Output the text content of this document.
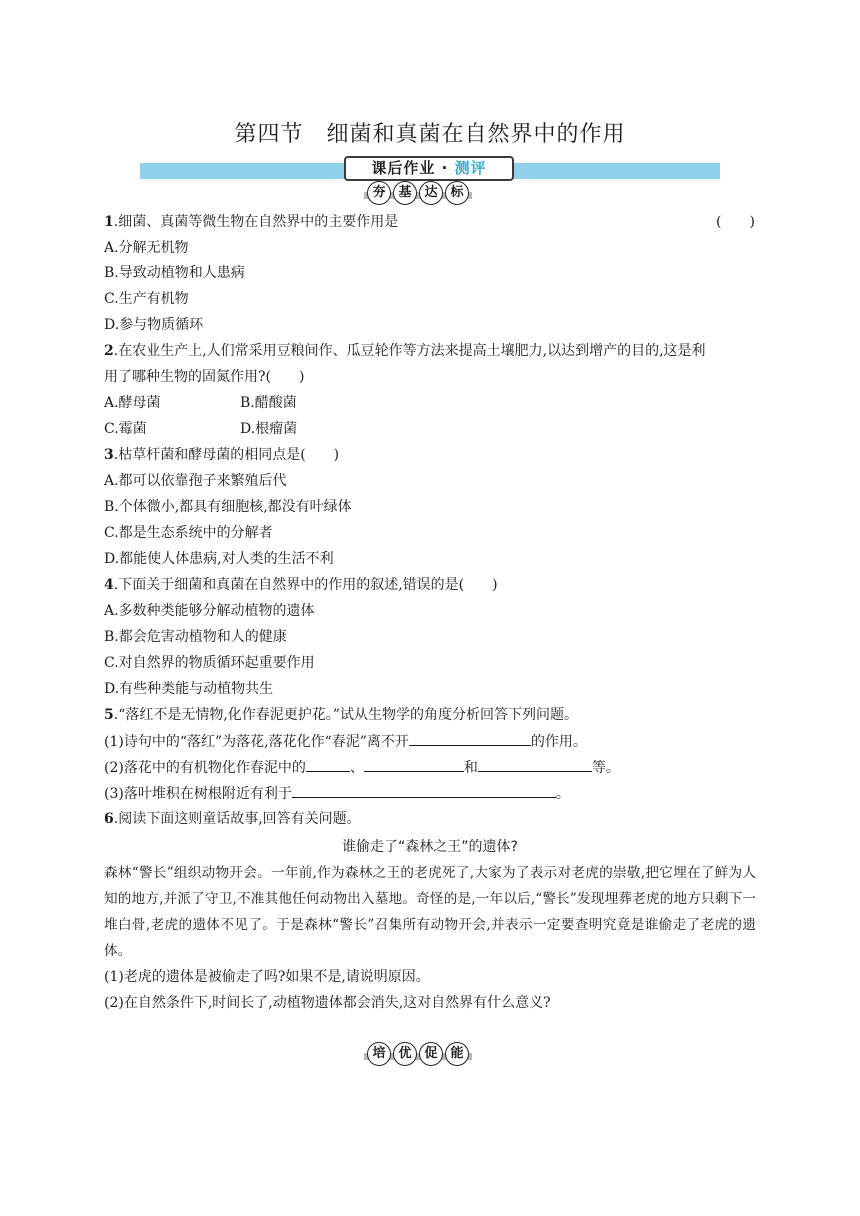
第四节　细菌和真菌在自然界中的作用
课后作业 · 测评
夯 基 达 标
1.细菌、真菌等微生物在自然界中的主要作用是	(　　)
A.分解无机物
B.导致动植物和人患病
C.生产有机物
D.参与物质循环
2.在农业生产上,人们常采用豆粮间作、瓜豆轮作等方法来提高土壤肥力,以达到增产的目的,这是利
用了哪种生物的固氮作用?(　　)
A.酵母菌	B.醋酸菌
C.霉菌	D.根瘤菌
3.枯草杆菌和酵母菌的相同点是(　　)
A.都可以依靠孢子来繁殖后代
B.个体微小,都具有细胞核,都没有叶绿体
C.都是生态系统中的分解者
D.都能使人体患病,对人类的生活不利
4.下面关于细菌和真菌在自然界中的作用的叙述,错误的是(　　)
A.多数种类能够分解动植物的遗体
B.都会危害动植物和人的健康
C.对自然界的物质循环起重要作用
D.有些种类能与动植物共生
5.“落红不是无情物,化作春泥更护花。”试从生物学的角度分析回答下列问题。
(1)诗句中的“落红”为落花,落花化作“春泥”离不开	的作用。
(2)落花中的有机物化作春泥中的	、	和	等。
(3)落叶堆积在树根附近有利于	。
6.阅读下面这则童话故事,回答有关问题。
谁偷走了“森林之王”的遗体?
森林“警长”组织动物开会。一年前,作为森林之王的老虎死了,大家为了表示对老虎的崇敬,把它埋在了鲜为人知的地方,并派了守卫,不准其他任何动物出入墓地。奇怪的是,一年以后,“警长”发现埋葬老虎的地方只剩下一堆白骨,老虎的遗体不见了。于是森林“警长”召集所有动物开会,并表示一定要查明究竟是谁偷走了老虎的遗体。
(1)老虎的遗体是被偷走了吗?如果不是,请说明原因。
(2)在自然条件下,时间长了,动植物遗体都会消失,这对自然界有什么意义?
培 优 促 能
